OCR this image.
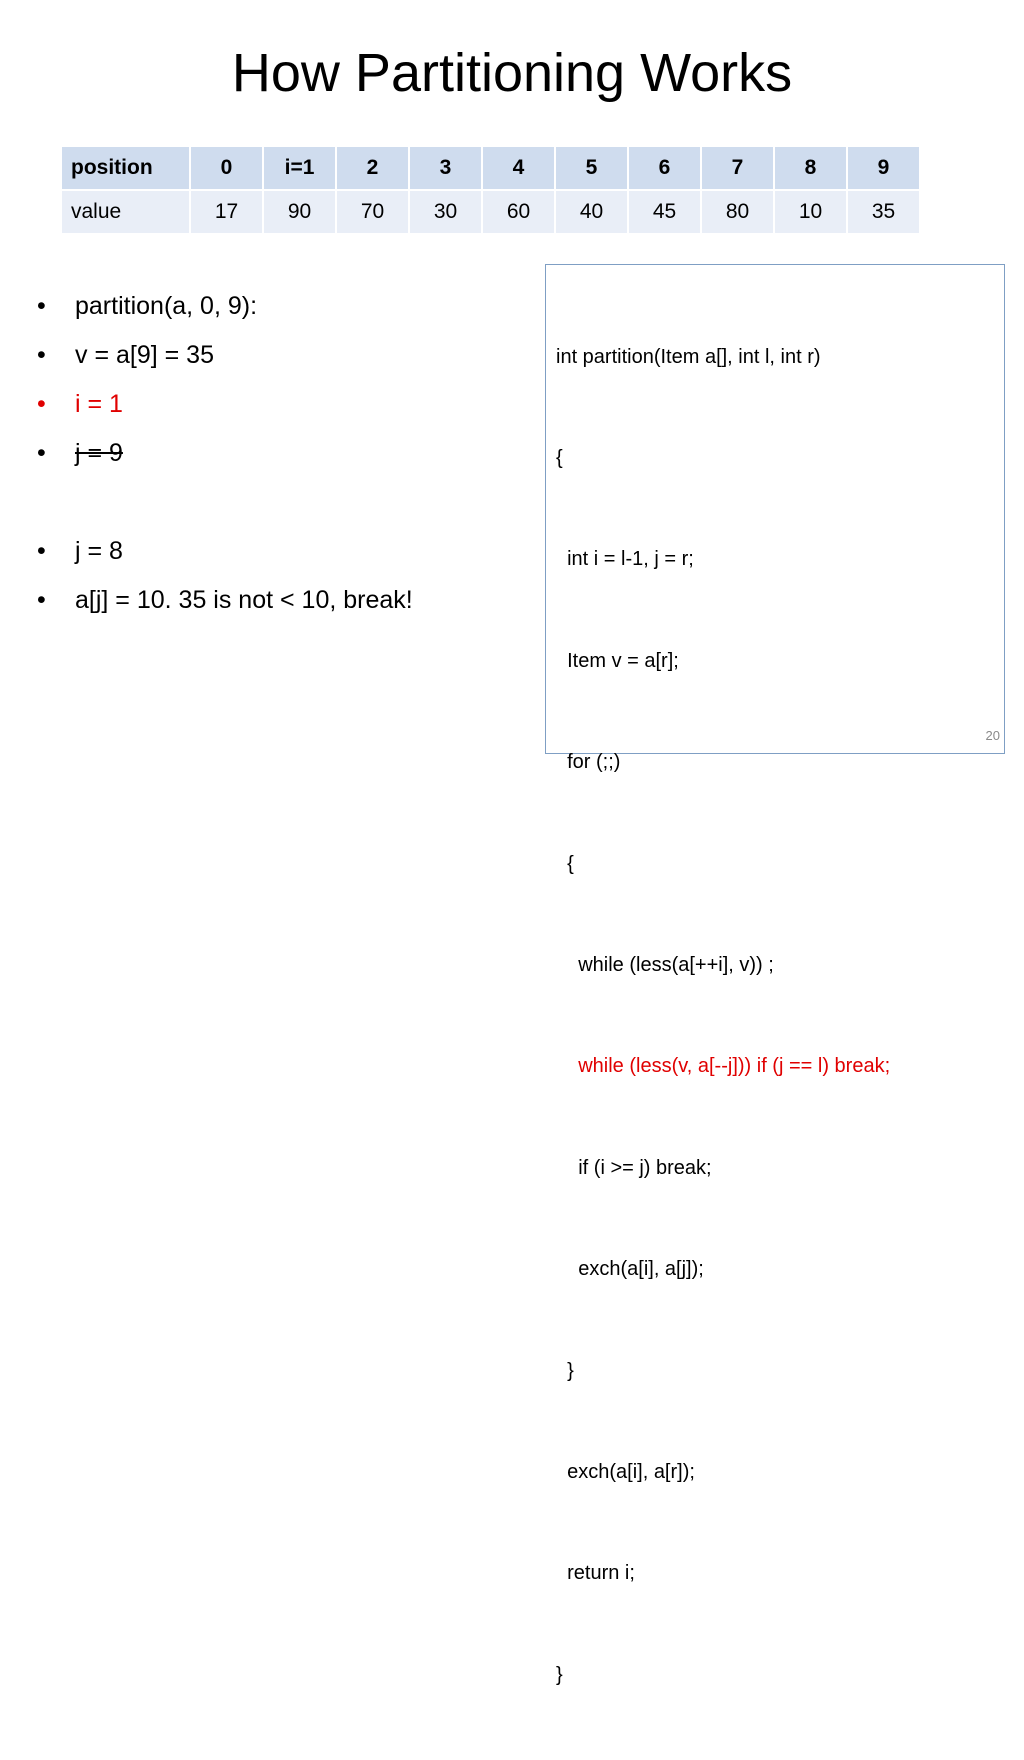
How Partitioning Works
position	0	i=1	2	3	4	5	6	7	8	9
value	17	90	70	30	60	40	45	80	10	35
• partition(a, 0, 9):
• v = a[9] = 35
• i = 1
• j = 9
• j = 8
• a[j] = 10. 35 is not < 10, break!

int partition(Item a[], int l, int r)

{

int i = l-1, j = r;

Item v = a[r];

for (;;)

{

while (less(a[++i], v)) ;

while (less(v, a[--j])) if (j == l) break;

if (i >= j) break;

exch(a[i], a[j]);

}

exch(a[i], a[r]);

return i;

}

20
